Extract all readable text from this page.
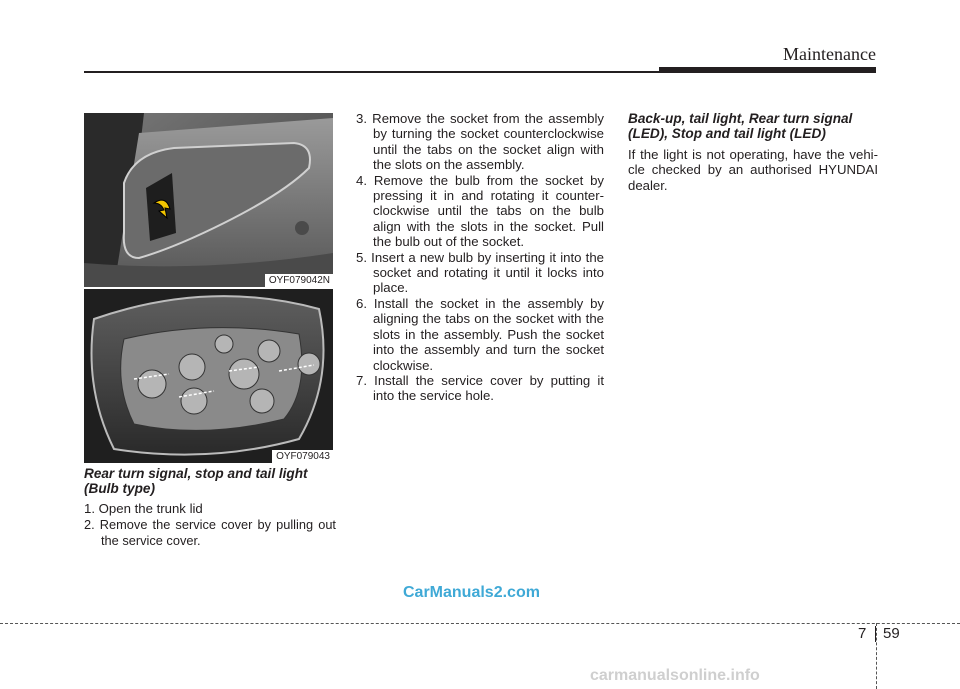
Maintenance
OYF079042N
OYF079043

Rear turn signal, stop and tail light (Bulb type)

1. Open the trunk lid

2. Remove the service cover by pulling out the service cover.

3. Remove the socket from the assembly by turning the socket counterclockwise until the tabs on the socket align with the slots on the assembly.

4. Remove the bulb from the socket by pressing it in and rotating it counter-clockwise until the tabs on the bulb align with the slots in the socket. Pull the bulb out of the socket.

5. Insert a new bulb by inserting it into the socket and rotating it until it locks into place.

6. Install the socket in the assembly by aligning the tabs on the socket with the slots in the assembly. Push the socket into the assembly and turn the socket clockwise.

7. Install the service cover by putting it into the service hole.

Back-up, tail light, Rear turn signal (LED), Stop and tail light (LED)

If the light is not operating, have the vehi-cle checked by an authorised HYUNDAI dealer.

CarManuals2.com
7 59
carmanualsonline.info
